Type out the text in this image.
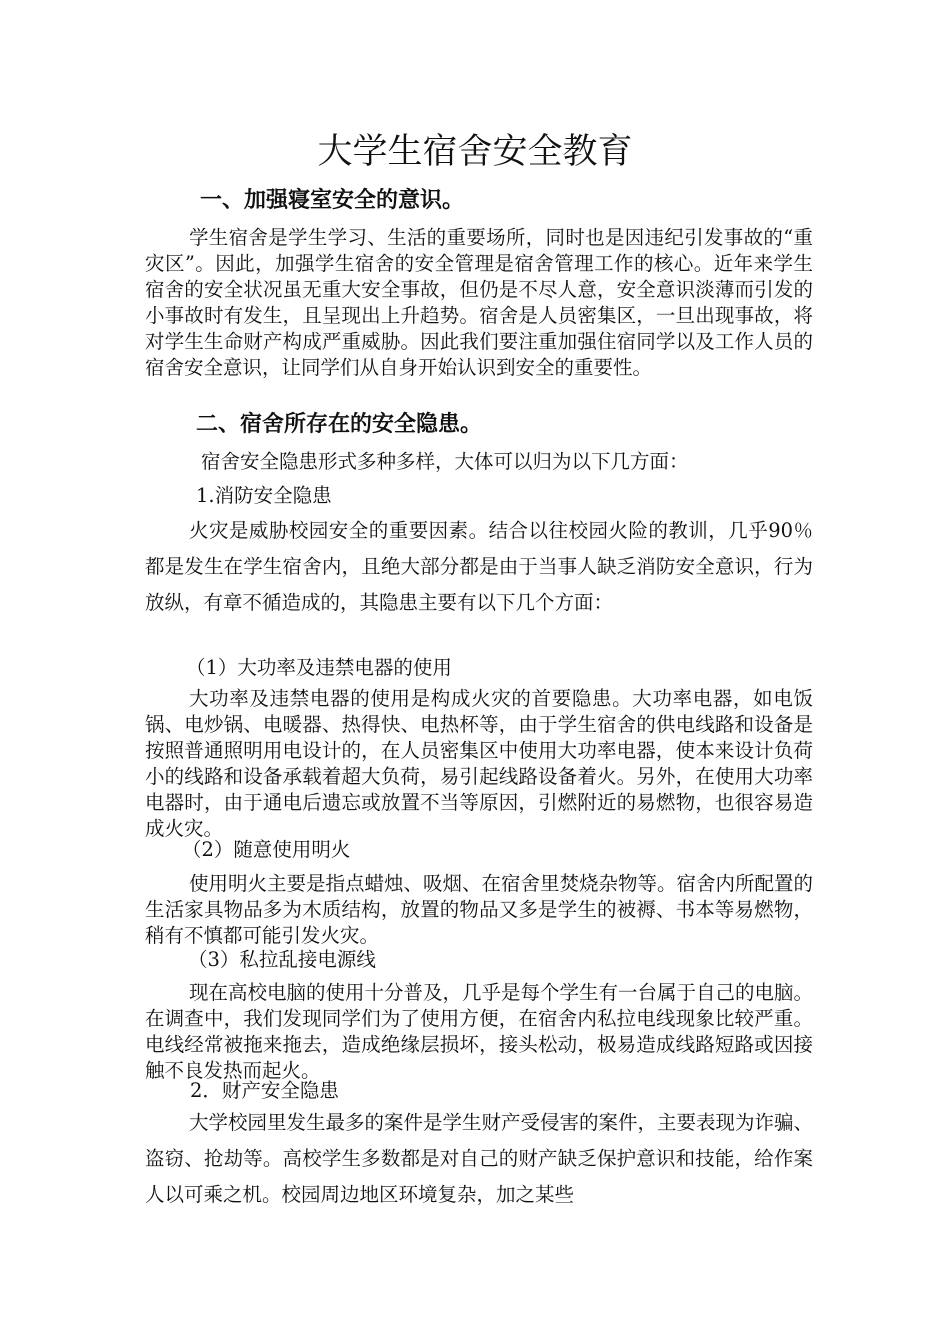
大学生宿舍安全教育
一、加强寝室安全的意识。

学生宿舍是学生学习、生活的重要场所，同时也是因违纪引发事故的“重灾区”。因此，加强学生宿舍的安全管理是宿舍管理工作的核心。近年来学生宿舍的安全状况虽无重大安全事故，但仍是不尽人意，安全意识淡薄而引发的小事故时有发生，且呈现出上升趋势。宿舍是人员密集区，一旦出现事故，将对学生生命财产构成严重威胁。因此我们要注重加强住宿同学以及工作人员的宿舍安全意识，让同学们从自身开始认识到安全的重要性。

二、宿舍所存在的安全隐患。

宿舍安全隐患形式多种多样，大体可以归为以下几方面：

1.消防安全隐患

火灾是威胁校园安全的重要因素。结合以往校园火险的教训，几乎90％都是发生在学生宿舍内，且绝大部分都是由于当事人缺乏消防安全意识，行为放纵，有章不循造成的，其隐患主要有以下几个方面：

（1）大功率及违禁电器的使用

大功率及违禁电器的使用是构成火灾的首要隐患。大功率电器，如电饭锅、电炒锅、电暖器、热得快、电热杯等，由于学生宿舍的供电线路和设备是按照普通照明用电设计的，在人员密集区中使用大功率电器，使本来设计负荷小的线路和设备承载着超大负荷，易引起线路设备着火。另外，在使用大功率电器时，由于通电后遗忘或放置不当等原因，引燃附近的易燃物，也很容易造成火灾。

（2）随意使用明火

使用明火主要是指点蜡烛、吸烟、在宿舍里焚烧杂物等。宿舍内所配置的生活家具物品多为木质结构，放置的物品又多是学生的被褥、书本等易燃物，稍有不慎都可能引发火灾。

（3）私拉乱接电源线

现在高校电脑的使用十分普及，几乎是每个学生有一台属于自己的电脑。在调查中，我们发现同学们为了使用方便，在宿舍内私拉电线现象比较严重。电线经常被拖来拖去，造成绝缘层损坏，接头松动，极易造成线路短路或因接触不良发热而起火。

2．财产安全隐患

大学校园里发生最多的案件是学生财产受侵害的案件，主要表现为诈骗、盗窃、抢劫等。高校学生多数都是对自己的财产缺乏保护意识和技能，给作案人以可乘之机。校园周边地区环境复杂，加之某些
